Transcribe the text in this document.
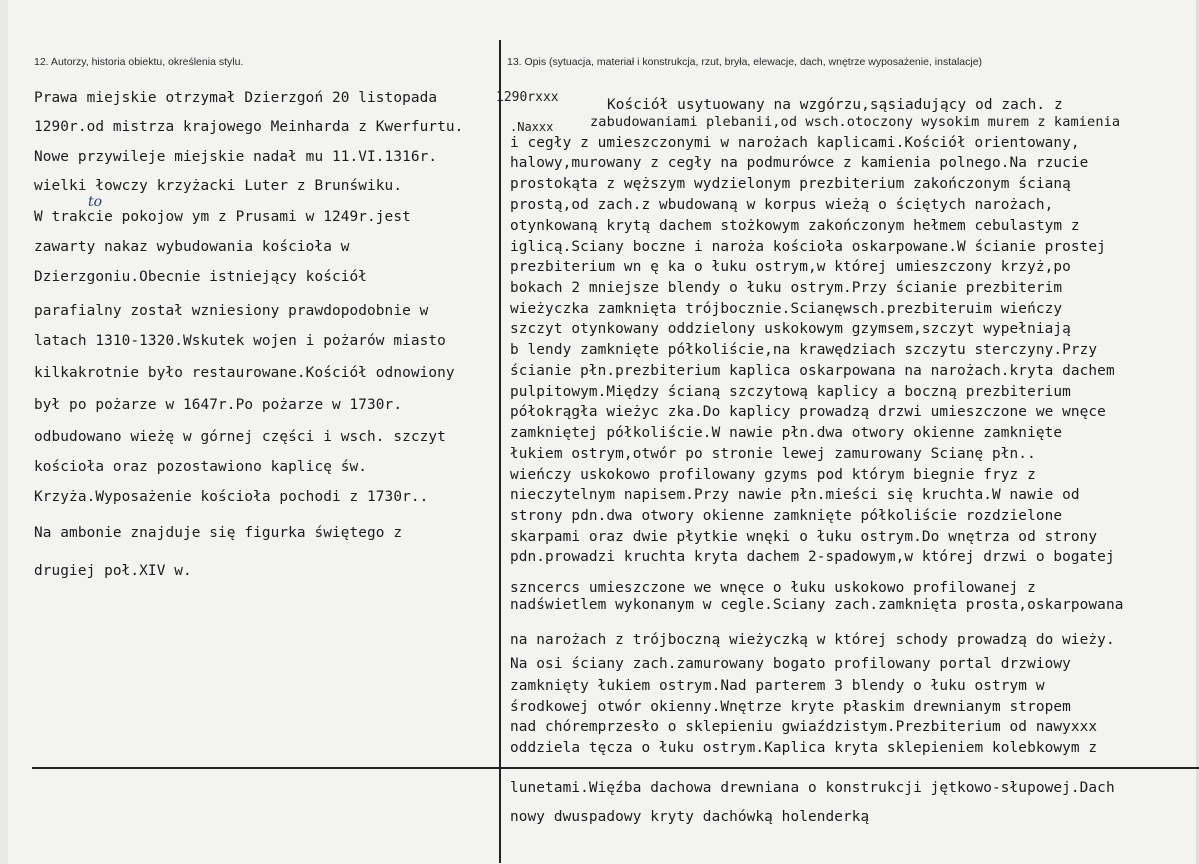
12. Autorzy, historia obiektu, określenia stylu.	13. Opis (sytuacja, materiał i konstrukcja, rzut, bryła, elewacje, dach, wnętrze wyposażenie, instalacje)
Prawa miejskie otrzymał Dzierzgoń 20 listopada
1290r.od mistrza krajowego Meinharda z Kwerfurtu.
Nowe przywileje miejskie nadał mu 11.VI.1316r.
wielki łowczy krzyżacki Luter z Brunświku.
W trakcie pokojow ym z Prusami w 1249r.jest
zawarty nakaz wybudowania kościoła w
Dzierzgoniu.Obecnie istniejący kościół
parafialny został wzniesiony prawdopodobnie w
latach 1310-1320.Wskutek wojen i pożarów miasto
kilkakrotnie było restaurowane.Kościół odnowiony
był po pożarze w 1647r.Po pożarze w 1730r.
odbudowano wieżę w górnej części i wsch. szczyt
kościoła oraz pozostawiono kaplicę św.
Krzyża.Wyposażenie kościoła pochodi z 1730r..
Na ambonie znajduje się figurka świętego z
drugiej poł.XIV w.
1290rxxx
.Naxxx
to
Kościół usytuowany na wzgórzu,sąsiadujący od zach. z
zabudowaniami plebanii,od wsch.otoczony wysokim murem z kamienia
i cegły z umieszczonymi w narożach kaplicami.Kościół orientowany,
halowy,murowany z cegły na podmurówce z kamienia polnego.Na rzucie
prostokąta z węższym wydzielonym prezbiterium zakończonym ścianą
prostą,od zach.z wbudowaną w korpus wieżą o ściętych narożach,
otynkowaną krytą dachem stożkowym zakończonym hełmem cebulastym z
iglicą.Sciany boczne i naroża kościoła oskarpowane.W ścianie prostej
prezbiterium wn ę ka o łuku ostrym,w której umieszczony krzyż,po
bokach 2 mniejsze blendy o łuku ostrym.Przy ścianie prezbiterim
wieżyczka zamknięta trójbocznie.Scianęwsch.prezbiteruim wieńczy
szczyt otynkowany oddzielony uskokowym gzymsem,szczyt wypełniają
b lendy zamknięte półkoliście,na krawędziach szczytu sterczyny.Przy
ścianie płn.prezbiterium kaplica oskarpowana na narożach.kryta dachem
pulpitowym.Między ścianą szczytową kaplicy a boczną prezbiterium
półokrągła wieżyc zka.Do kaplicy prowadzą drzwi umieszczone we wnęce
zamkniętej półkoliście.W nawie płn.dwa otwory okienne zamknięte
łukiem ostrym,otwór po stronie lewej zamurowany Scianę płn..
wieńczy uskokowo profilowany gzyms pod którym biegnie fryz z
nieczytelnym napisem.Przy nawie płn.mieści się kruchta.W nawie od
strony pdn.dwa otwory okienne zamknięte półkoliście rozdzielone
skarpami oraz dwie płytkie wnęki o łuku ostrym.Do wnętrza od strony
pdn.prowadzi kruchta kryta dachem 2-spadowym,w której drzwi o bogatej
szncercs umieszczone we wnęce o łuku uskokowo profilowanej z
nadświetlem wykonanym w cegle.Sciany zach.zamknięta prosta,oskarpowana
na narożach z trójboczną wieżyczką w której schody prowadzą do wieży.
Na osi ściany zach.zamurowany bogato profilowany portal drzwiowy
zamknięty łukiem ostrym.Nad parterem 3 blendy o łuku ostrym w
środkowej otwór okienny.Wnętrze kryte płaskim drewnianym stropem
nad chóremprzesło o sklepieniu gwiaździstym.Prezbiterium od nawyxxx
oddziela tęcza o łuku ostrym.Kaplica kryta sklepieniem kolebkowym z
lunetami.Więźba dachowa drewniana o konstrukcji jętkowo-słupowej.Dach
nowy dwuspadowy kryty dachówką holenderką
